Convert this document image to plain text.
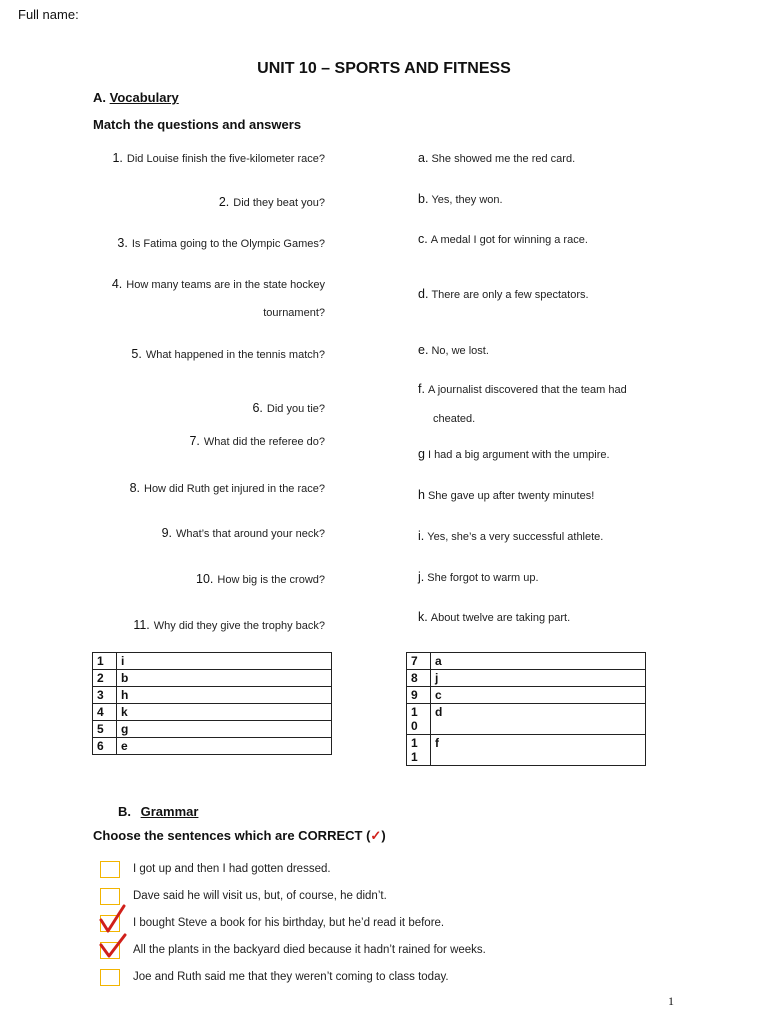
Full name:
UNIT 10 – SPORTS AND FITNESS
A. Vocabulary
Match the questions and answers
1. Did Louise finish the five-kilometer race?
2. Did they beat you?
3. Is Fatima going to the Olympic Games?
4. How many teams are in the state hockey
tournament?
5. What happened in the tennis match?
6. Did you tie?
7. What did the referee do?
8. How did Ruth get injured in the race?
9. What’s that around your neck?
10. How big is the crowd?
11. Why did they give the trophy back?
a. She showed me the red card.
b. Yes, they won.
c. A medal I got for winning a race.
d. There are only a few spectators.
e. No, we lost.
f. A journalist discovered that the team had
cheated.
g I had a big argument with the umpire.
h She gave up after twenty minutes!
i. Yes, she’s a very successful athlete.
j. She forgot to warm up.
k. About twelve are taking part.
1	i
2	b
3	h
4	k
5	g
6	e
7	a
8	j
9	c
1
0	d
1
1	f
B. Grammar
Choose the sentences which are CORRECT (✓)
I got up and then I had gotten dressed.
Dave said he will visit us, but, of course, he didn’t.
I bought Steve a book for his birthday, but he’d read it before.
All the plants in the backyard died because it hadn’t rained for weeks.
Joe and Ruth said me that they weren’t coming to class today.
1
